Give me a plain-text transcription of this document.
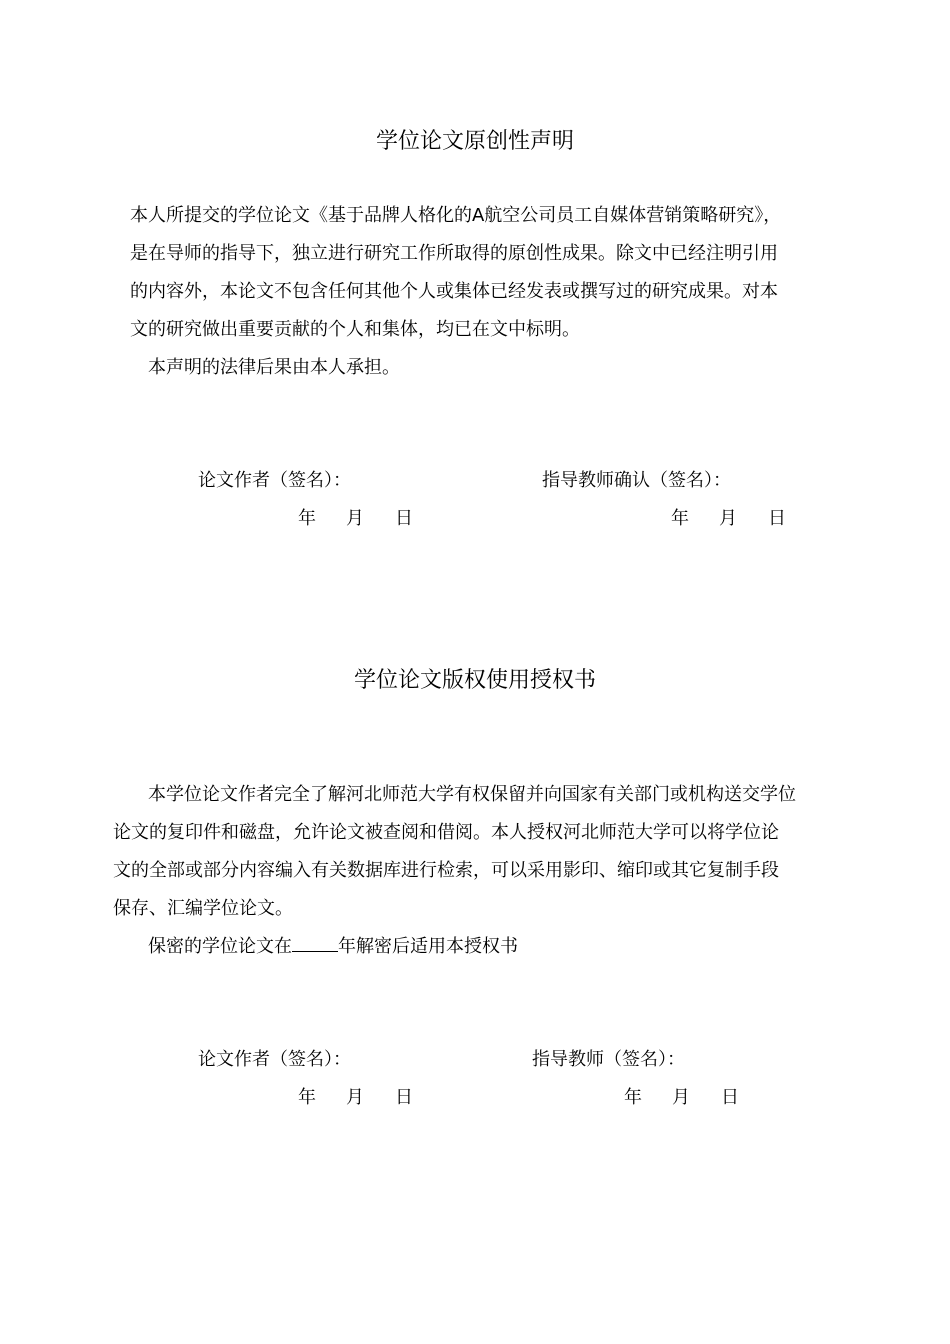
学位论文原创性声明
本人所提交的学位论文《基于品牌人格化的A航空公司员工自媒体营销策略研究》，
是在导师的指导下，独立进行研究工作所取得的原创性成果。除文中已经注明引用
的内容外，本论文不包含任何其他个人或集体已经发表或撰写过的研究成果。对本
文的研究做出重要贡献的个人和集体，均已在文中标明。
本声明的法律后果由本人承担。
论文作者（签名）：	指导教师确认（签名）：
年 月 日	年 月 日
学位论文版权使用授权书
本学位论文作者完全了解河北师范大学有权保留并向国家有关部门或机构送交学位
论文的复印件和磁盘，允许论文被查阅和借阅。本人授权河北师范大学可以将学位论
文的全部或部分内容编入有关数据库进行检索，可以采用影印、缩印或其它复制手段
保存、汇编学位论文。
保密的学位论文在	年解密后适用本授权书
论文作者（签名）：	指导教师（签名）：
年 月 日	年 月 日
